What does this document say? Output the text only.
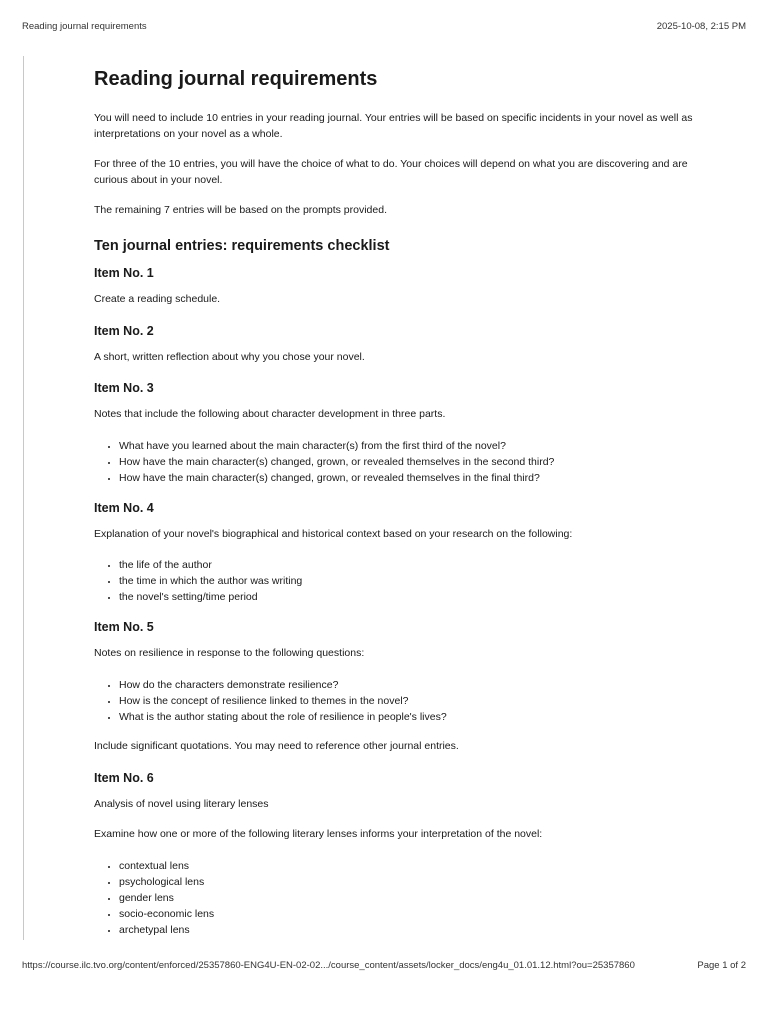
Reading journal requirements	2025-10-08, 2:15 PM
Reading journal requirements

You will need to include 10 entries in your reading journal. Your entries will be based on specific incidents in your novel as well as interpretations on your novel as a whole.

For three of the 10 entries, you will have the choice of what to do. Your choices will depend on what you are discovering and are curious about in your novel.

The remaining 7 entries will be based on the prompts provided.

Ten journal entries: requirements checklist
Item No. 1

Create a reading schedule.

Item No. 2

A short, written reflection about why you chose your novel.

Item No. 3

Notes that include the following about character development in three parts.

• What have you learned about the main character(s) from the first third of the novel?
• How have the main character(s) changed, grown, or revealed themselves in the second third?
• How have the main character(s) changed, grown, or revealed themselves in the final third?
Item No. 4

Explanation of your novel's biographical and historical context based on your research on the following:

• the life of the author
• the time in which the author was writing
• the novel's setting/time period
Item No. 5

Notes on resilience in response to the following questions:

• How do the characters demonstrate resilience?
• How is the concept of resilience linked to themes in the novel?
• What is the author stating about the role of resilience in people's lives?

Include significant quotations. You may need to reference other journal entries.

Item No. 6

Analysis of novel using literary lenses

Examine how one or more of the following literary lenses informs your interpretation of the novel:

• contextual lens
• psychological lens
• gender lens
• socio-economic lens
• archetypal lens
https://course.ilc.tvo.org/content/enforced/25357860-ENG4U-EN-02-02.../course_content/assets/locker_docs/eng4u_01.01.12.html?ou=25357860	Page 1 of 2
